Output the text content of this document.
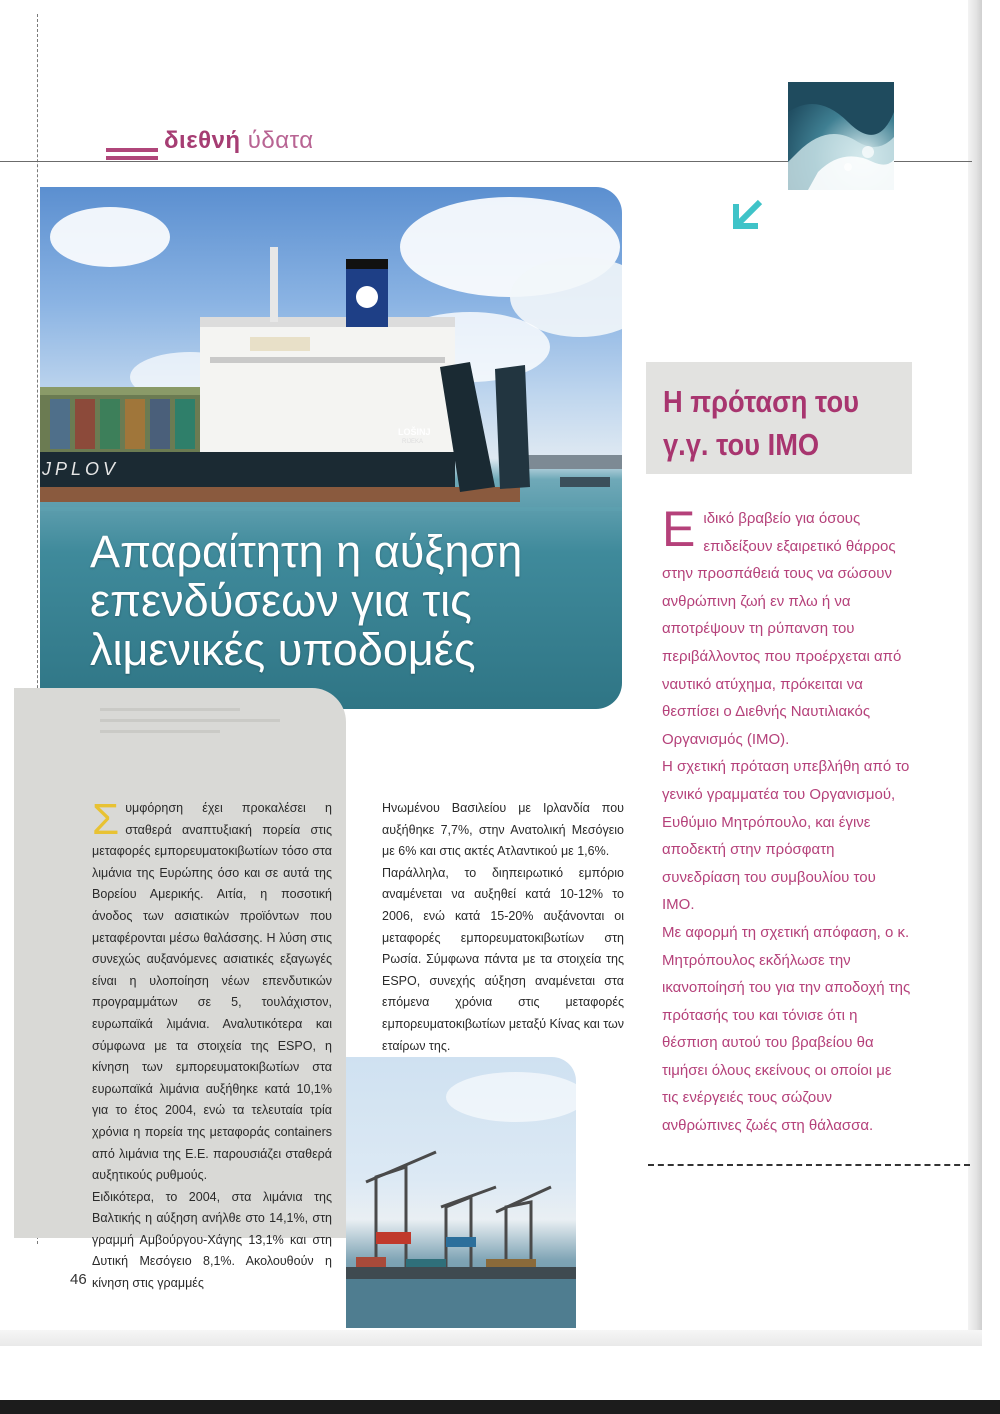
διεθνή ύδατα
JPLOV
LOŠINJ
RIJEKA
Απαραίτητη η αύξηση επενδύσεων για τις λιμενικές υποδομές
Σ υμφόρηση έχει προκαλέσει η σταθερά αναπτυξιακή πορεία στις μεταφορές εμπορευματοκιβωτίων τόσο στα λιμάνια της Ευρώπης όσο και σε αυτά της Βορείου Αμερικής. Αιτία, η ποσοτική άνοδος των ασιατικών προϊόντων που μεταφέρονται μέσω θαλάσσης. Η λύση στις συνεχώς αυξανόμενες ασιατικές εξαγωγές είναι η υλοποίηση νέων επενδυτικών προγραμμάτων σε 5, τουλάχιστον, ευρωπαϊκά λιμάνια. Αναλυτικότερα και σύμφωνα με τα στοιχεία της ESPO, η κίνηση των εμπορευματοκιβωτίων στα ευρωπαϊκά λιμάνια αυξήθηκε κατά 10,1% για το έτος 2004, ενώ τα τελευταία τρία χρόνια η πορεία της μεταφοράς containers από λιμάνια της Ε.Ε. παρουσιάζει σταθερά αυξητικούς ρυθμούς.

Ειδικότερα, το 2004, στα λιμάνια της Βαλτικής η αύξηση ανήλθε στο 14,1%, στη γραμμή Αμβούργου-Χάγης 13,1% και στη Δυτική Μεσόγειο 8,1%. Ακολουθούν η κίνηση στις γραμμές

Ηνωμένου Βασιλείου με Ιρλανδία που αυξήθηκε 7,7%, στην Ανατολική Μεσόγειο με 6% και στις ακτές Ατλαντικού με 1,6%.

Παράλληλα, το διηπειρωτικό εμπόριο αναμένεται να αυξηθεί κατά 10-12% το 2006, ενώ κατά 15-20% αυξάνονται οι μεταφορές εμπορευματοκιβωτίων στη Ρωσία. Σύμφωνα πάντα με τα στοιχεία της ESPO, συνεχής αύξηση αναμένεται στα επόμενα χρόνια στις μεταφορές εμπορευματοκιβωτίων μεταξύ Κίνας και των εταίρων της.

46
Η πρόταση του γ.γ. του ΙΜΟ
Ε ιδικό βραβείο για όσους επιδείξουν εξαιρετικό θάρρος στην προσπάθειά τους να σώσουν ανθρώπινη ζωή εν πλω ή να αποτρέψουν τη ρύπανση του περιβάλλοντος που προέρχεται από ναυτικό ατύχημα, πρόκειται να θεσπίσει ο Διεθνής Ναυτιλιακός Οργανισμός (ΙΜΟ).

Η σχετική πρόταση υπεβλήθη από το γενικό γραμματέα του Οργανισμού, Ευθύμιο Μητρόπουλο, και έγινε αποδεκτή στην πρόσφατη συνεδρίαση του συμβουλίου του ΙΜΟ.

Με αφορμή τη σχετική απόφαση, ο κ. Μητρόπουλος εκδήλωσε την ικανοποίησή του για την αποδοχή της πρότασής του και τόνισε ότι η θέσπιση αυτού του βραβείου θα τιμήσει όλους εκείνους οι οποίοι με τις ενέργειές τους σώζουν ανθρώπινες ζωές στη θάλασσα.
